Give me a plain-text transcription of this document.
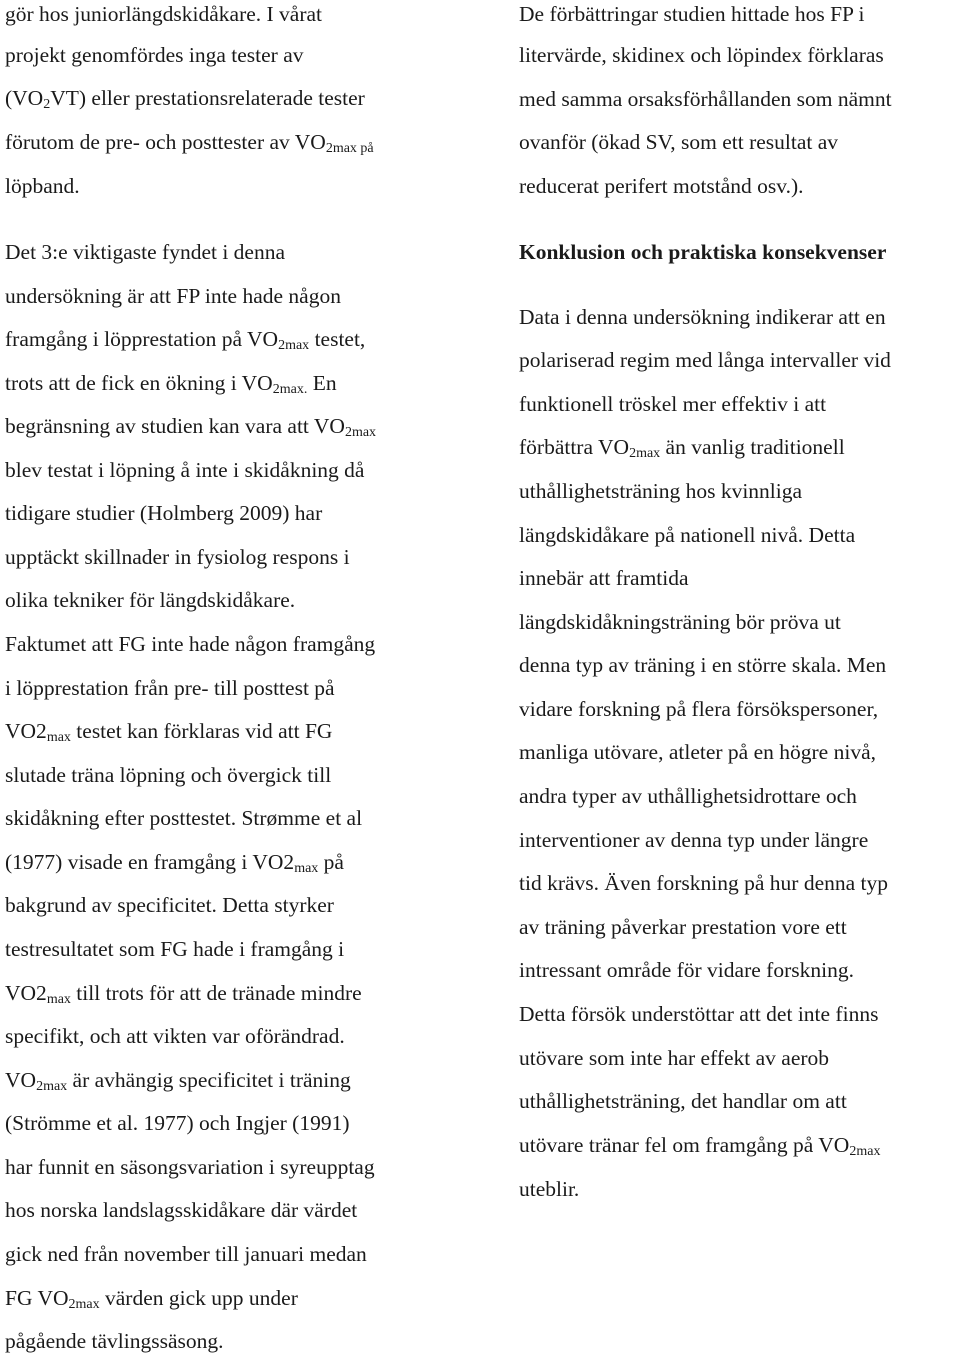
gör hos juniorlängdskidåkare. I vårat
projekt genomfördes inga tester av
$(VO_2VT)$ eller prestationsrelaterade tester
förutom de pre- och posttester av $VO_{2max på}$
löpband.
Det 3:e viktigaste fyndet i denna
undersökning är att FP inte hade någon
framgång i löpprestation på $VO_{2max}$ testet,
trots att de fick en ökning i $VO_{2max.}$ En
begränsning av studien kan vara att $VO_{2max}$
blev testat i löpning å inte i skidåkning då
tidigare studier (Holmberg 2009) har
upptäckt skillnader in fysiolog respons i
olika tekniker för längdskidåkare.
Faktumet att FG inte hade någon framgång
i löpprestation från pre- till posttest på
$VO2_{max}$ testet kan förklaras vid att FG
slutade träna löpning och övergick till
skidåkning efter posttestet. Strømme et al
(1977) visade en framgång i $VO2_{max}$ på
bakgrund av specificitet. Detta styrker
testresultatet som FG hade i framgång i
$VO2_{max}$ till trots för att de tränade mindre
specifikt, och att vikten var oförändrad.
$VO_{2max}$ är avhängig specificitet i träning
(Strömme et al. 1977) och Ingjer (1991)
har funnit en säsongsvariation i syreupptag
hos norska landslagsskidåkare där värdet
gick ned från november till januari medan
FG $VO_{2max}$ värden gick upp under
pågående tävlingssäsong.
De förbättringar studien hittade hos FP i
litervärde, skidinex och löpindex förklaras
med samma orsaksförhållanden som nämnt
ovanför (ökad SV, som ett resultat av
reducerat perifert motstånd osv.).
Konklusion och praktiska konsekvenser
Data i denna undersökning indikerar att en
polariserad regim med långa intervaller vid
funktionell tröskel mer effektiv i att
förbättra $VO_{2max}$ än vanlig traditionell
uthållighetsträning hos kvinnliga
längdskidåkare på nationell nivå. Detta
innebär att framtida
längdskidåkningsträning bör pröva ut
denna typ av träning i en större skala. Men
vidare forskning på flera försökspersoner,
manliga utövare, atleter på en högre nivå,
andra typer av uthållighetsidrottare och
interventioner av denna typ under längre
tid krävs. Även forskning på hur denna typ
av träning påverkar prestation vore ett
intressant område för vidare forskning.
Detta försök understöttar att det inte finns
utövare som inte har effekt av aerob
uthållighetsträning, det handlar om att
utövare tränar fel om framgång på $VO_{2max}$
uteblir.
